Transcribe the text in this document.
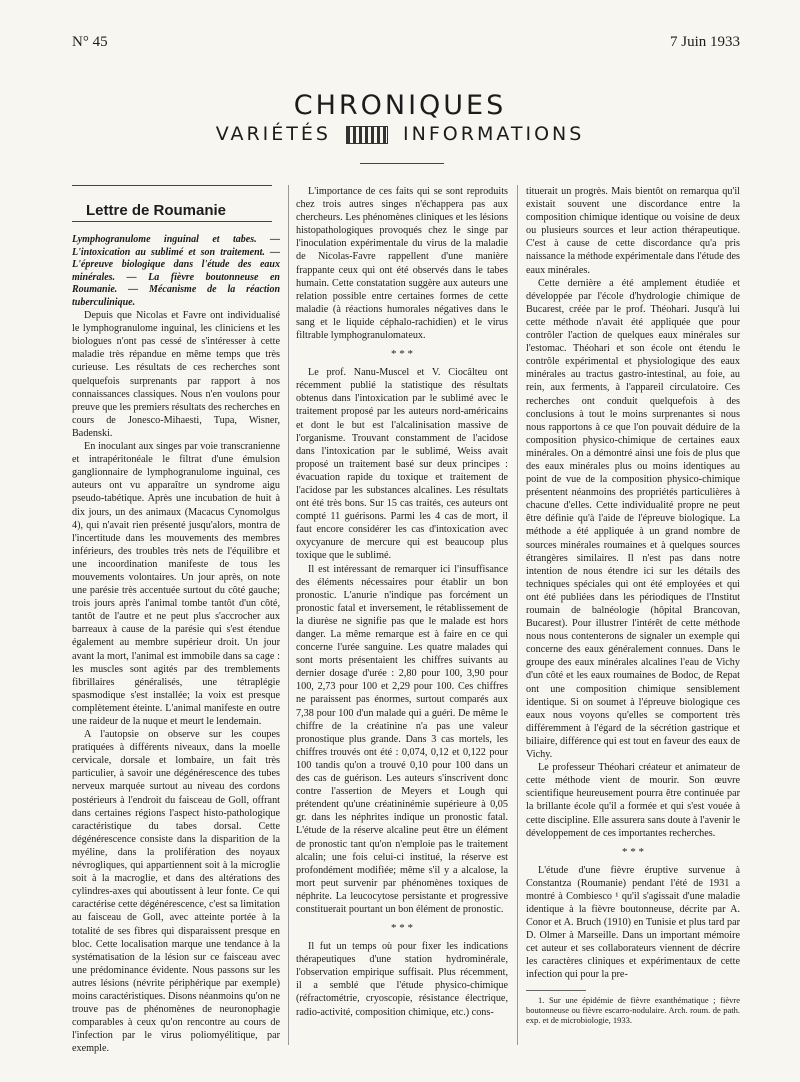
N° 45	7 Juin 1933
CHRONIQUES
VARIÉTÉS	INFORMATIONS
Lettre de Roumanie

Lymphogranulome inguinal et tabes. — L'intoxication au sublimé et son traitement. — L'épreuve biologique dans l'étude des eaux minérales. — La fièvre boutonneuse en Roumanie. — Mécanisme de la réaction tuberculinique.

Depuis que Nicolas et Favre ont individualisé le lymphogranulome inguinal, les cliniciens et les biologues n'ont pas cessé de s'intéresser à cette maladie très répandue en même temps que très curieuse. Les résultats de ces recherches sont quelquefois surprenants par rapport à nos connaissances classiques. Nous n'en voulons pour preuve que les premiers résultats des recherches en cours de Jonesco-Mihaesti, Tupa, Wisner, Badenski.

En inoculant aux singes par voie transcranienne et intrapéritonéale le filtrat d'une émulsion ganglionnaire de lymphogranulome inguinal, ces auteurs ont vu apparaître un syndrome aigu pseudo-tabétique. Après une incubation de huit à dix jours, un des animaux (Macacus Cynomolgus 4), qui n'avait rien présenté jusqu'alors, montra de l'incertitude dans les mouvements des membres inférieurs, des troubles très nets de l'équilibre et une incoordination manifeste de tous les mouvements volontaires. Un jour après, on note une parésie très accentuée surtout du côté gauche; trois jours après l'animal tombe tantôt d'un côté, tantôt de l'autre et ne peut plus s'accrocher aux barreaux à cause de la parésie qui s'est étendue également au membre supérieur droit. Un jour avant la mort, l'animal est immobile dans sa cage : les muscles sont agités par des tremblements fibrillaires généralisés, une tétraplégie spasmodique s'est installée; la voix est presque complètement éteinte. L'animal manifeste en outre une raideur de la nuque et meurt le lendemain.

A l'autopsie on observe sur les coupes pratiquées à différents niveaux, dans la moelle cervicale, dorsale et lombaire, un fait très particulier, à savoir une dégénérescence des tubes nerveux marquée surtout au niveau des cordons postérieurs à l'endroit du faisceau de Goll, offrant dans certaines régions l'aspect histo-pathologique caractéristique du tabes dorsal. Cette dégénérescence consiste dans la disparition de la myéline, dans la prolifération des noyaux névrogliques, qui appartiennent soit à la microglie soit à la macroglie, et dans des altérations des cylindres-axes qui aboutissent à leur fonte. Ce qui caractérise cette dégénérescence, c'est sa limitation au faisceau de Goll, avec atteinte portée à la totalité de ses fibres qui disparaissent presque en bloc. Cette localisation marque une tendance à la systématisation de la lésion sur ce faisceau avec une prédominance évidente. Nous passons sur les autres lésions (névrite périphérique par exemple) moins caractéristiques. Disons néanmoins qu'on ne trouve pas de phénomènes de neuronophagie comparables à ceux qu'on rencontre au cours de l'infection par le virus poliomyélitique, par exemple.

L'importance de ces faits qui se sont reproduits chez trois autres singes n'échappera pas aux chercheurs. Les phénomènes cliniques et les lésions histopathologiques provoqués chez le singe par l'inoculation expérimentale du virus de la maladie de Nicolas-Favre rappellent d'une manière frappante ceux qui ont été observés dans le tabes humain. Cette constatation suggère aux auteurs une relation possible entre certaines formes de cette maladie (à réactions humorales négatives dans le sang et le liquide céphalo-rachidien) et le virus filtrable lymphogranulomateux.

* * *

Le prof. Nanu-Muscel et V. Ciocâlteu ont récemment publié la statistique des résultats obtenus dans l'intoxication par le sublimé avec le traitement proposé par les auteurs nord-américains et dont le but est l'alcalinisation massive de l'organisme. Trouvant constamment de l'acidose dans l'intoxication par le sublimé, Weiss avait proposé un traitement basé sur deux principes : évacuation rapide du toxique et traitement de l'acidose par les substances alcalines. Les résultats ont été très bons. Sur 15 cas traités, ces auteurs ont compté 11 guérisons. Parmi les 4 cas de mort, il faut encore considérer les cas d'intoxication avec oxycyanure de mercure qui est beaucoup plus toxique que le sublimé.

Il est intéressant de remarquer ici l'insuffisance des éléments nécessaires pour établir un bon pronostic. L'anurie n'indique pas forcément un pronostic fatal et inversement, le rétablissement de la diurèse ne signifie pas que le malade est hors danger. La même remarque est à faire en ce qui concerne l'urée sanguine. Les quatre malades qui sont morts présentaient les chiffres suivants au dernier dosage d'urée : 2,80 pour 100, 3,90 pour 100, 2,73 pour 100 et 2,29 pour 100. Ces chiffres ne paraissent pas énormes, surtout comparés aux 7,38 pour 100 d'un malade qui a guéri. De même le chiffre de la créatinine n'a pas une valeur pronostique plus grande. Dans 3 cas mortels, les chiffres trouvés ont été : 0,074, 0,12 et 0,122 pour 100 tandis qu'on a trouvé 0,10 pour 100 dans un des cas de guérison. Les auteurs s'inscrivent donc contre l'assertion de Meyers et Lough qui prétendent qu'une créatininémie supérieure à 0,05 gr. dans les néphrites indique un pronostic fatal. L'étude de la réserve alcaline peut être un élément de pronostic tant qu'on n'emploie pas le traitement alcalin; une fois celui-ci institué, la réserve est profondément modifiée; même s'il y a alcalose, la mort peut survenir par phénomènes toxiques de néphrite. La leucocytose persistante et progressive constituerait pourtant un bon élément de pronostic.

* * *

Il fut un temps où pour fixer les indications thérapeutiques d'une station hydrominérale, l'observation empirique suffisait. Plus récemment, il a semblé que l'étude physico-chimique (réfractométrie, cryoscopie, résistance électrique, radio-activité, composition chimique, etc.) cons-

tituerait un progrès. Mais bientôt on remarqua qu'il existait souvent une discordance entre la composition chimique identique ou voisine de deux ou plusieurs sources et leur action thérapeutique. C'est à cause de cette discordance qu'a pris naissance la méthode expérimentale dans l'étude des eaux minérales.

Cette dernière a été amplement étudiée et développée par l'école d'hydrologie chimique de Bucarest, créée par le prof. Théohari. Jusqu'à lui cette méthode n'avait été appliquée que pour contrôler l'action de quelques eaux minérales sur l'estomac. Théohari et son école ont étendu le contrôle expérimental et physiologique des eaux minérales au tractus gastro-intestinal, au foie, au rein, aux ferments, à l'appareil circulatoire. Ces recherches ont conduit quelquefois à des conclusions à tout le moins surprenantes si nous nous rapportons à ce que l'on pouvait déduire de la composition physico-chimique de certaines eaux minérales. On a démontré ainsi une fois de plus que des eaux minérales plus ou moins identiques au point de vue de la composition physico-chimique présentent néanmoins des propriétés particulières à chacune d'elles. Cette individualité propre ne peut être définie qu'à l'aide de l'épreuve biologique. La méthode a été appliquée à un grand nombre de sources minérales roumaines et à quelques sources étrangères similaires. Il n'est pas dans notre intention de nous étendre ici sur les détails des techniques spéciales qui ont été employées et qui ont été publiées dans les périodiques de l'Institut roumain de balnéologie (hôpital Brancovan, Bucarest). Pour illustrer l'intérêt de cette méthode nous nous contenterons de signaler un exemple qui concerne des eaux généralement connues. Dans le groupe des eaux minérales alcalines l'eau de Vichy d'un côté et les eaux roumaines de Bodoc, de Repat ont une composition chimique sensiblement identique. Si on soumet à l'épreuve biologique ces eaux nous voyons qu'elles se comportent très différemment à l'égard de la sécrétion gastrique et biliaire, différence qui est tout en faveur des eaux de Vichy.

Le professeur Théohari créateur et animateur de cette méthode vient de mourir. Son œuvre scientifique heureusement pourra être continuée par la brillante école qu'il a formée et qui s'est vouée à cette discipline. Elle assurera sans doute à l'avenir le développement de ces importantes recherches.

* * *

L'étude d'une fièvre éruptive survenue à Constantza (Roumanie) pendant l'été de 1931 a montré à Combiesco ¹ qu'il s'agissait d'une maladie identique à la fièvre boutonneuse, décrite par A. Conor et A. Bruch (1910) en Tunisie et plus tard par D. Olmer à Marseille. Dans un important mémoire cet auteur et ses collaborateurs viennent de décrire les caractères cliniques et expérimentaux de cette infection qui pour la pre-

1. Sur une épidémie de fièvre exanthématique ; fièvre boutonneuse ou fièvre escarro-nodulaire. Arch. roum. de path. exp. et de microbiologie, 1933.
